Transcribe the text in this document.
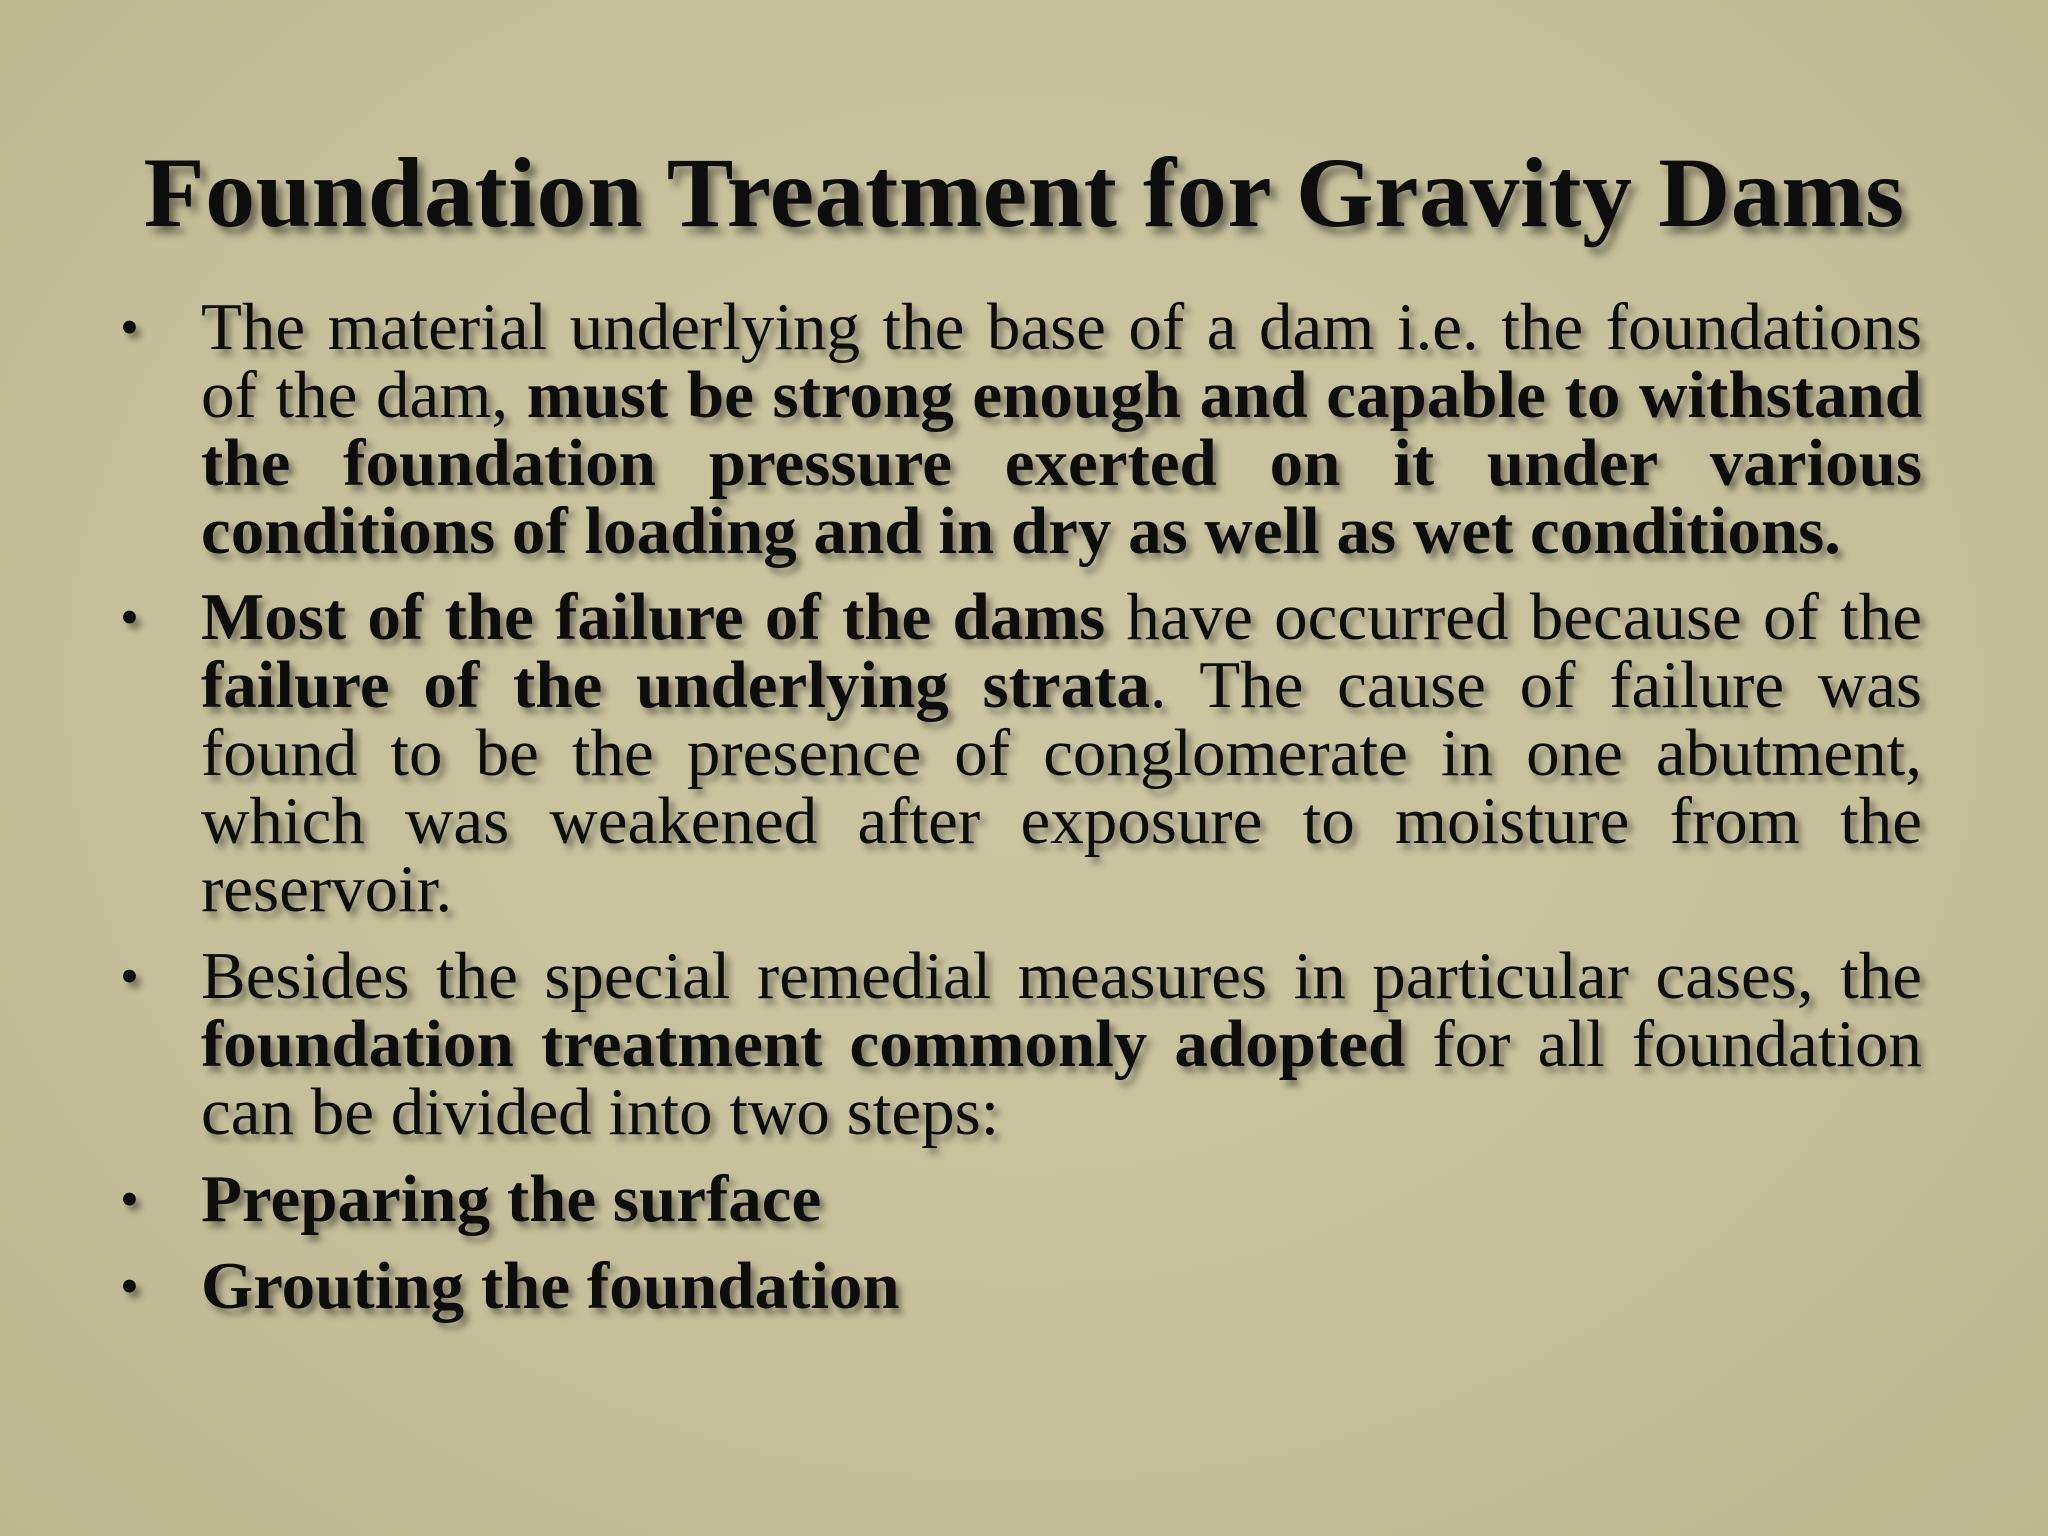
Foundation Treatment for Gravity Dams
• The material underlying the base of a dam i.e. the foundations of the dam, must be strong enough and capable to withstand the foundation pressure exerted on it under various conditions of loading and in dry as well as wet conditions.
• Most of the failure of the dams have occurred because of the failure of the underlying strata. The cause of failure was found to be the presence of conglomerate in one abutment, which was weakened after exposure to moisture from the reservoir.
• Besides the special remedial measures in particular cases, the foundation treatment commonly adopted for all foundation can be divided into two steps:
• Preparing the surface
• Grouting the foundation
